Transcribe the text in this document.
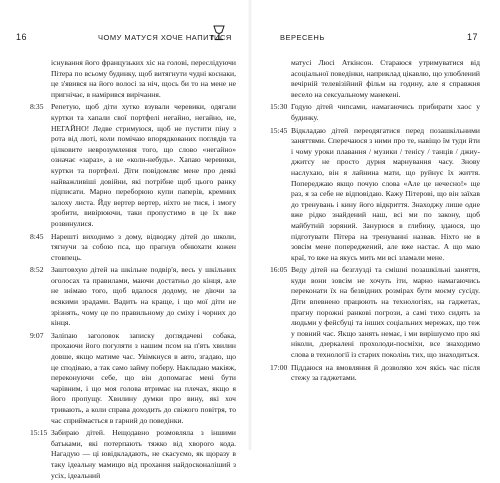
16	ЧОМУ МАТУСЯ ХОЧЕ НАПИТИСЯ
існування його французьких хіс на голові, переслідуючи Пітера по всьому будинку, щоб витягнути чудні коснаки, це з'явився на його волосі за ніч, щось би то на мене не пригнічає, в намірився вирічання.
8:35 Репетую, щоб діти хутко взували черевики, одягали куртки та хапали свої портфелі негайно, негайно, не, НЕГАЙНО! Ледве стримуюся, щоб не пустити піну з рота від люті, коли помічаю впорядкованих поглядів та цілковите неврозумлення того, що слово «негайно» означає «зараз», а не «коли-небудь». Хапаю черевики, куртки та портфелі. Діти повідомляє мене про деякі найважливіші довійни, які потрібне щоб цього ранку підписати. Марно переборюю купи паперів, кремних залоху листа. Йду вертер вертер, ніхто не тися, і змогу зробити, вивірюючи, таки пропустимо в це їх вже розвинулися.
8:45 Нарешті виходимо з дому, відводжу дітей до школи, тягнучи за собою пса, що прагнув обнюхати кожен стовпець.
8:52 Заштовхую дітей на шкільне подвір'я, весь у шкільних оголосах та правилами, маючи достатньо до кінця, але не знімаю того, щоб вдалося додому, не діючи за всякими зрадами. Вадить на краще, і що мої діти не зрізнять, чому це по правильному до сміху і чорних до кінця.
9:07 Заліпаю заголовок записку доглядачеві собака, прохаючи його погуляти з нашим псом на п'ять хвилин довше, якщо матиме час. Увімкнуся в авто, згадаю, що це сподіваю, а так само займу поберу. Накладаю макіяж, переконуючи себе, що він допомагає мені бути чарівним, і що моя голова втримає на плечах, якщо я його пропущу. Хвилину думки про вину, які хоч тривають, а коли справа доходить до свіжого повітря, то час сприймається в гарний до поведінки.
15:15 Забираю дітей. Нещодавно розмовляла з іншими батьками, які потерпають тяжко від хворого кода. Нагадую — ці ювідкладають, не скасуємо, як щоразу в таку ідеальну мамицю від прохання найдосконаліший з усіх, ідеальний
ВЕРЕСЕНЬ	17
матусі Люсі Аткінсон. Стараюся утримуватися від асоціальної поведінки, наприклад цікавлю, що улюблений вечірній телевізійний фільм на годину, але я справжня весело на сексуальному манекені.
15:30 Годую дітей чипсами, намагаючись прибирати хаос у будинку.
15:45 Відкладаю дітей переодягатися перед позашкільними заняттями. Сперечаюся з ними про те, навіщо їм туди йти і чому уроки плавання / музики / тенісу / танців / джиу-джитсу не просто дурня марнування часу. Знову наслухаю, він я лайнина мати, що руйнує їх життя. Попереджаю якщо почую слова «Але це нечесно!» ще раз, я за себе не відповідаю. Кажу Пітерові, що він заїхав до тренувань і кину його відкриття. Знаходжу лише одне вже рідко знайдений наш, всі ми по закону, щоб майбутній зоряний. Занурюся в глибину, здаюся, що підготувати Пітера на тренуванні назвав. Ніхто не в зовсім мене попереджений, але вже настає. А що маю краї, то вже на якусь мить ми всі зламали мене.
16:05 Веду дітей на безглузді та смішні позашкільні заняття, куди вони зовсім не хочуть іти, марно намагаючись переконати їх на безвідних розмірах бути моєму сусіду. Діти впевнено працюють на технологіях, на гаджетах, прагну порожні ранкові погрози, а самі тихо сидять за людьми у фейсбуці та інших соціальних мережах, що теж у повний час. Якщо занять немає, і ми вирішуємо про які ніколи, дзеркалені прохолоди-посміхи, все знаходимо слова в технології із старих поколінь тих, що знаходиться.
17:00 Піддаюся на вмовляння й дозволяю хоч якісь час після стежу за гаджетами.
